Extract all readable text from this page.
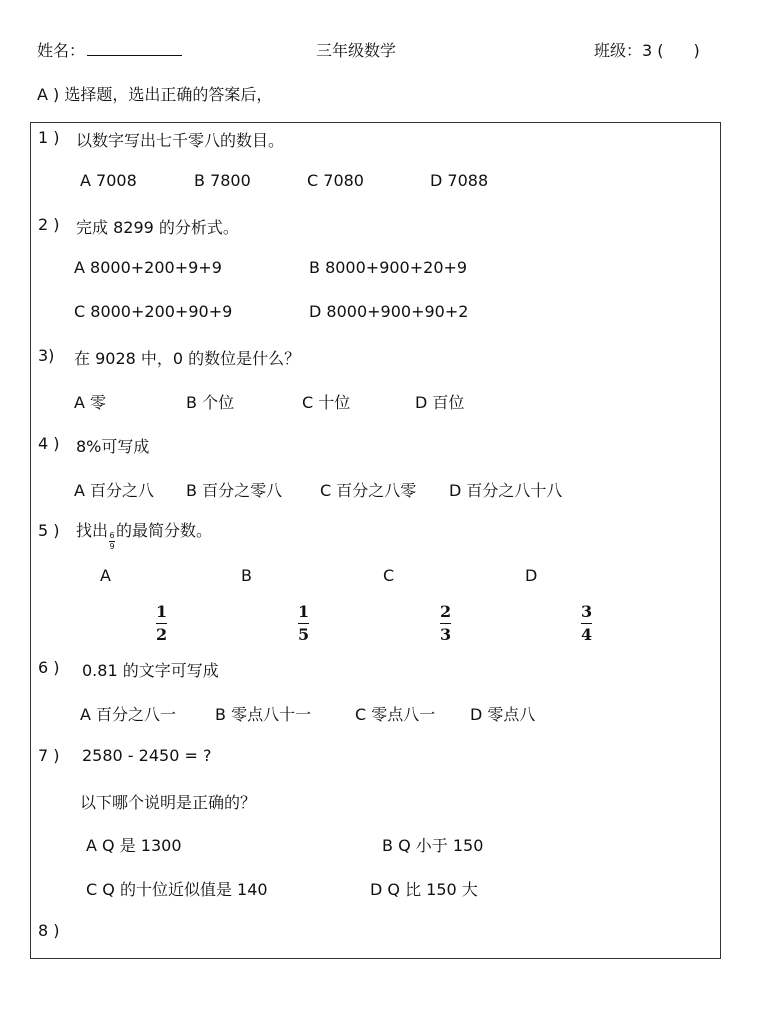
姓名：	三年级数学	班级：3 ( )
A ) 选择题，选出正确的答案后，
1 ) 以数字写出七千零八的数目。
A 7008	B 7800	C 7080	D 7088
2 ) 完成 8299 的分析式。
A 8000+200+9+9	B 8000+900+20+9
C 8000+200+90+9	D 8000+900+90+2
3) 在 9028 中，0 的数位是什么？
A 零	B 个位	C 十位	D 百位
4 ) 8%可写成
A 百分之八 B 百分之零八 C 百分之八零 D 百分之八十八
5 ) 找出
$\frac{6}{9}$
的最简分数。
A	B	C	D
$\frac{1}{2}$	$\frac{1}{5}$	$\frac{2}{3}$	$\frac{3}{4}$
6 ) 0.81 的文字可写成
A 百分之八一 B 零点八十一	C 零点八一 D 零点八
7 ) 2580 - 2450 = ?
以下哪个说明是正确的？
A Q 是 1300	B Q 小于 150
C Q 的十位近似值是 140	D Q 比 150 大
8 )
